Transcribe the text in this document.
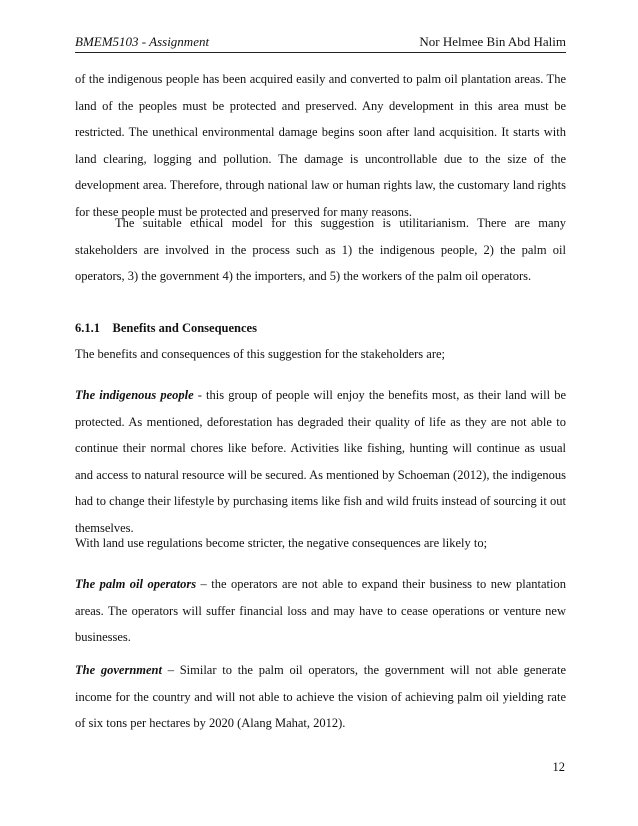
BMEM5103 - Assignment	Nor Helmee Bin Abd Halim
of the indigenous people has been acquired easily and converted to palm oil plantation areas. The land of the peoples must be protected and preserved. Any development in this area must be restricted. The unethical environmental damage begins soon after land acquisition. It starts with land clearing, logging and pollution. The damage is uncontrollable due to the size of the development area. Therefore, through national law or human rights law, the customary land rights for these people must be protected and preserved for many reasons.
The suitable ethical model for this suggestion is utilitarianism. There are many stakeholders are involved in the process such as 1) the indigenous people, 2) the palm oil operators, 3) the government 4) the importers, and 5) the workers of the palm oil operators.
6.1.1    Benefits and Consequences
The benefits and consequences of this suggestion for the stakeholders are;
The indigenous people - this group of people will enjoy the benefits most, as their land will be protected. As mentioned, deforestation has degraded their quality of life as they are not able to continue their normal chores like before. Activities like fishing, hunting will continue as usual and access to natural resource will be secured. As mentioned by Schoeman (2012), the indigenous had to change their lifestyle by purchasing items like fish and wild fruits instead of sourcing it out themselves.
With land use regulations become stricter, the negative consequences are likely to;
The palm oil operators – the operators are not able to expand their business to new plantation areas. The operators will suffer financial loss and may have to cease operations or venture new businesses.
The government – Similar to the palm oil operators, the government will not able generate income for the country and will not able to achieve the vision of achieving palm oil yielding rate of six tons per hectares by 2020 (Alang Mahat, 2012).
12
